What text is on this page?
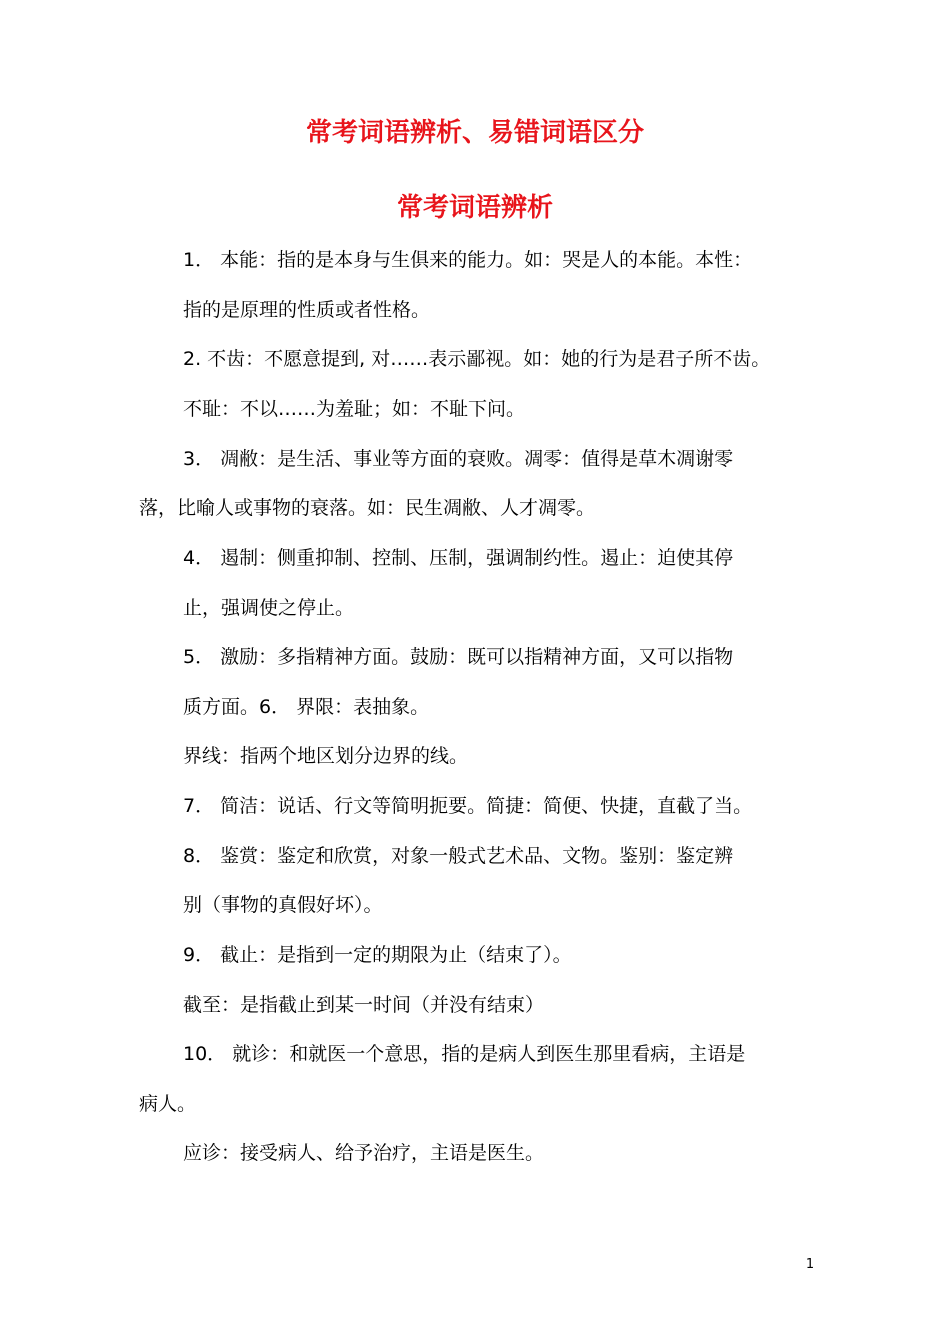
常考词语辨析、易错词语区分
常考词语辨析
1． 本能：指的是本身与生俱来的能力。如：哭是人的本能。本性：
指的是原理的性质或者性格。
2. 不齿：不愿意提到, 对……表示鄙视。如：她的行为是君子所不齿。
不耻：不以……为羞耻；如：不耻下问。
3． 凋敝：是生活、事业等方面的衰败。凋零：值得是草木凋谢零
落，比喻人或事物的衰落。如：民生凋敝、人才凋零。
4． 遏制：侧重抑制、控制、压制，强调制约性。遏止：迫使其停
止，强调使之停止。
5． 激励：多指精神方面。鼓励：既可以指精神方面，又可以指物
质方面。6． 界限：表抽象。
界线：指两个地区划分边界的线。
7． 简洁：说话、行文等简明扼要。简捷：简便、快捷，直截了当。
8． 鉴赏：鉴定和欣赏，对象一般式艺术品、文物。鉴别：鉴定辨
别（事物的真假好坏）。
9． 截止：是指到一定的期限为止（结束了）。
截至：是指截止到某一时间（并没有结束）
10． 就诊：和就医一个意思，指的是病人到医生那里看病，主语是
病人。
应诊：接受病人、给予治疗，主语是医生。
1
